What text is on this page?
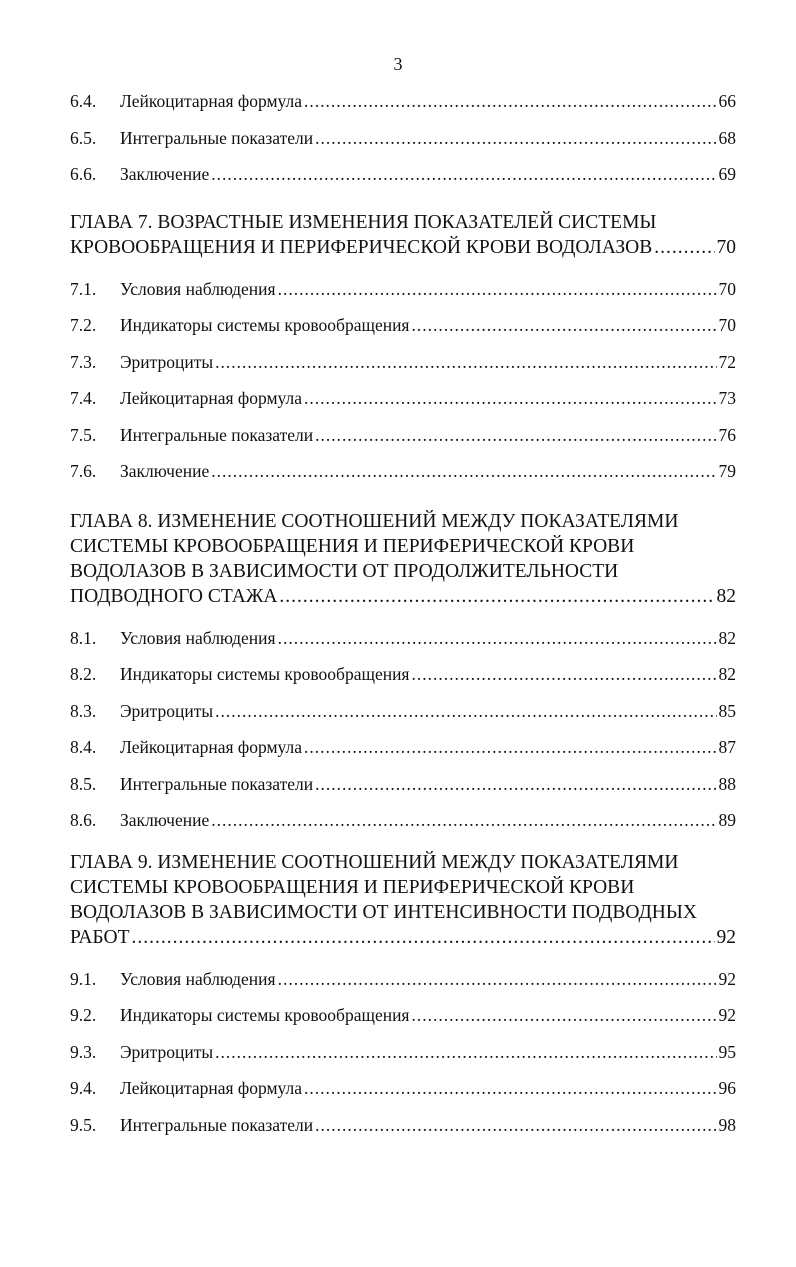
3
6.4.	Лейкоцитарная формула .....	66
6.5.	Интегральные показатели .....	68
6.6.	Заключение .....	69
ГЛАВА 7. ВОЗРАСТНЫЕ ИЗМЕНЕНИЯ ПОКАЗАТЕЛЕЙ СИСТЕМЫ
КРОВООБРАЩЕНИЯ И ПЕРИФЕРИЧЕСКОЙ КРОВИ ВОДОЛАЗОВ .....	70
7.1.	Условия наблюдения .....	70
7.2.	Индикаторы системы кровообращения .....	70
7.3.	Эритроциты .....	72
7.4.	Лейкоцитарная формула .....	73
7.5.	Интегральные показатели .....	76
7.6.	Заключение .....	79
ГЛАВА 8. ИЗМЕНЕНИЕ СООТНОШЕНИЙ МЕЖДУ ПОКАЗАТЕЛЯМИ
СИСТЕМЫ КРОВООБРАЩЕНИЯ И ПЕРИФЕРИЧЕСКОЙ КРОВИ
ВОДОЛАЗОВ В ЗАВИСИМОСТИ ОТ ПРОДОЛЖИТЕЛЬНОСТИ
ПОДВОДНОГО СТАЖА .....	82
8.1.	Условия наблюдения .....	82
8.2.	Индикаторы системы кровообращения .....	82
8.3.	Эритроциты .....	85
8.4.	Лейкоцитарная формула .....	87
8.5.	Интегральные показатели .....	88
8.6.	Заключение .....	89
ГЛАВА 9. ИЗМЕНЕНИЕ СООТНОШЕНИЙ МЕЖДУ ПОКАЗАТЕЛЯМИ
СИСТЕМЫ КРОВООБРАЩЕНИЯ И ПЕРИФЕРИЧЕСКОЙ КРОВИ
ВОДОЛАЗОВ В ЗАВИСИМОСТИ ОТ ИНТЕНСИВНОСТИ ПОДВОДНЫХ
РАБОТ .....	92
9.1.	Условия наблюдения .....	92
9.2.	Индикаторы системы кровообращения .....	92
9.3.	Эритроциты .....	95
9.4.	Лейкоцитарная формула .....	96
9.5.	Интегральные показатели .....	98
